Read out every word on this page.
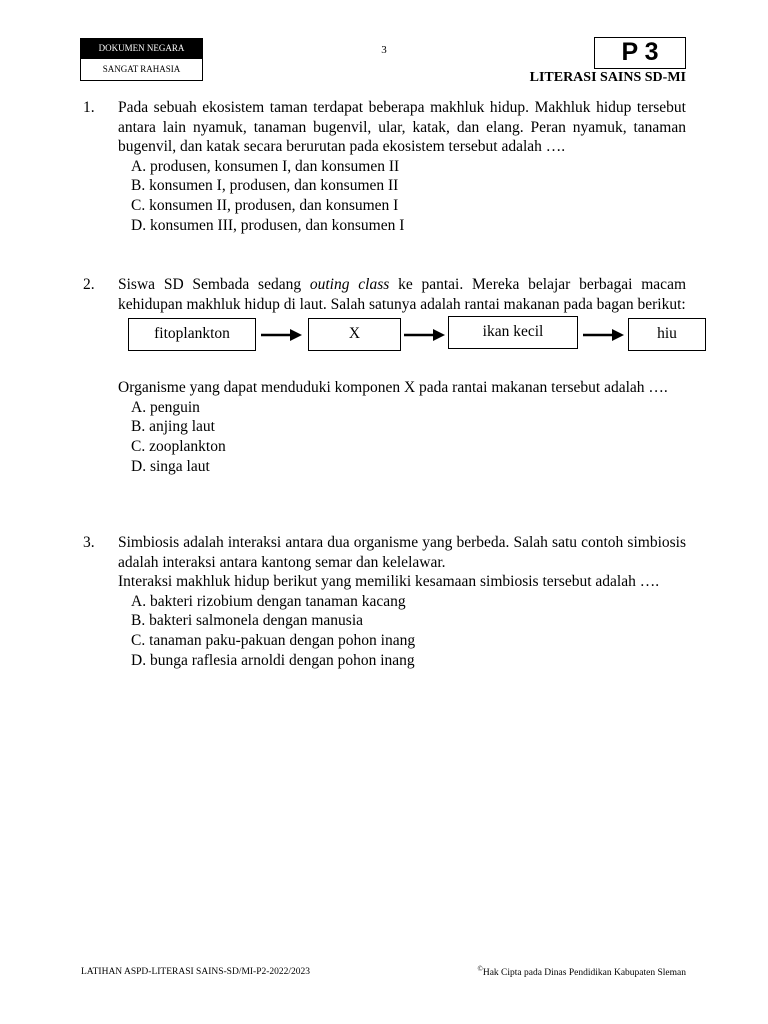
DOKUMEN NEGARA
SANGAT RAHASIA
3	P 3
LITERASI SAINS SD-MI
1. Pada sebuah ekosistem taman terdapat beberapa makhluk hidup. Makhluk hidup tersebut antara lain nyamuk, tanaman bugenvil, ular, katak, dan elang. Peran nyamuk, tanaman bugenvil, dan katak secara berurutan pada ekosistem tersebut adalah ….

A. produsen, konsumen I, dan konsumen II
B. konsumen I, produsen, dan konsumen II
C. konsumen II, produsen, dan konsumen I
D. konsumen III, produsen, dan konsumen I
2. Siswa SD Sembada sedang outing class ke pantai. Mereka belajar berbagai macam kehidupan makhluk hidup di laut. Salah satunya adalah rantai makanan pada bagan berikut:

fitoplankton	X	ikan kecil	hiu

Organisme yang dapat menduduki komponen X pada rantai makanan tersebut adalah ….

A. penguin
B. anjing laut
C. zooplankton
D. singa laut
3. Simbiosis adalah interaksi antara dua organisme yang berbeda. Salah satu contoh simbiosis adalah interaksi antara kantong semar dan kelelawar.

Interaksi makhluk hidup berikut yang memiliki kesamaan simbiosis tersebut adalah ….

A. bakteri rizobium dengan tanaman kacang
B. bakteri salmonela dengan manusia
C. tanaman paku-pakuan dengan pohon inang
D. bunga raflesia arnoldi dengan pohon inang
LATIHAN ASPD-LITERASI SAINS-SD/MI-P2-2022/2023	©Hak Cipta pada Dinas Pendidikan Kabupaten Sleman
